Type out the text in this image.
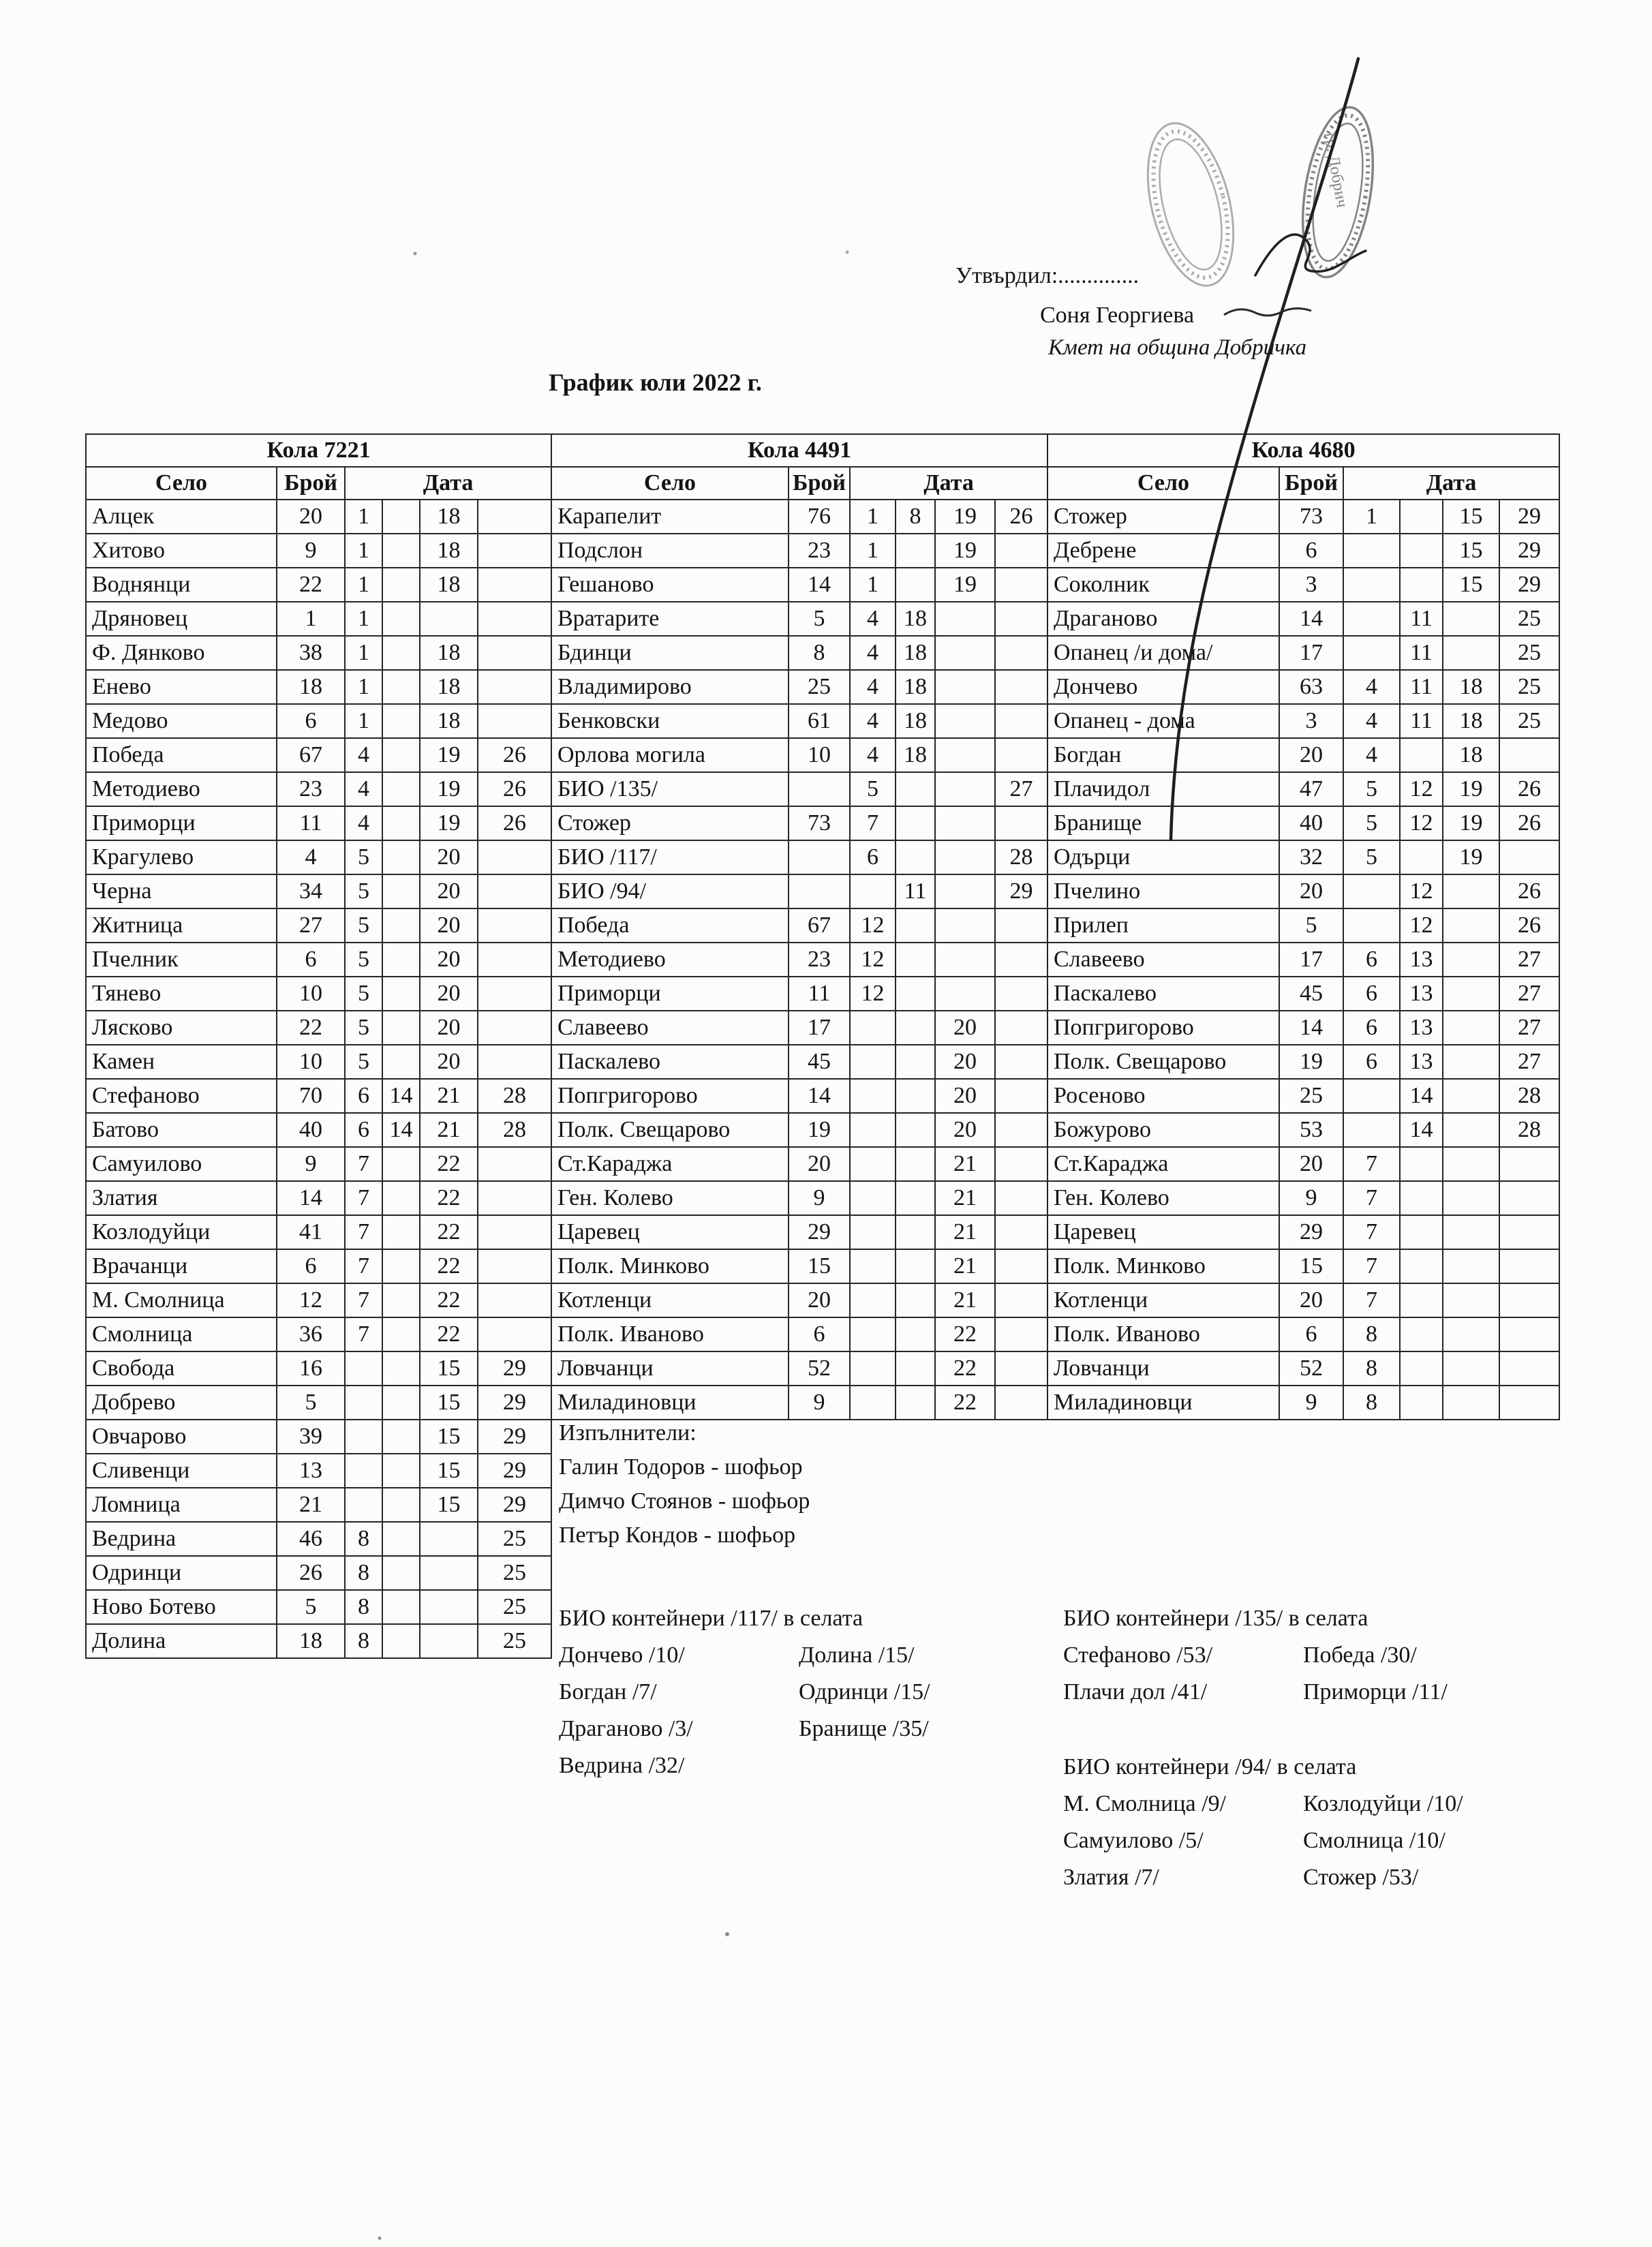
Утвърдил:..............
Соня Георгиева
Кмет на община Добричка
График юли 2022 г.
Кола 7221					
Село	Брой	Дата			
Алцек	20	1		18	
Хитово	9	1		18	
Воднянци	22	1		18	
Дряновец	1	1			
Ф. Дянково	38	1		18	
Енево	18	1		18	
Медово	6	1		18	
Победа	67	4		19	26
Методиево	23	4		19	26
Приморци	11	4		19	26
Крагулево	4	5		20	
Черна	34	5		20	
Житница	27	5		20	
Пчелник	6	5		20	
Тянево	10	5		20	
Лясково	22	5		20	
Камен	10	5		20	
Стефаново	70	6	14	21	28
Батово	40	6	14	21	28
Самуилово	9	7		22	
Златия	14	7		22	
Козлодуйци	41	7		22	
Врачанци	6	7		22	
М. Смолница	12	7		22	
Смолница	36	7		22	
Свобода	16			15	29
Добрево	5			15	29
Овчарово	39			15	29
Сливенци	13			15	29
Ломница	21			15	29
Ведрина	46	8			25
Одринци	26	8			25
Ново Ботево	5	8			25
Долина	18	8			25
Кола 4491					
Село	Брой	Дата			
Карапелит	76	1	8	19	26
Подслон	23	1		19	
Гешаново	14	1		19	
Вратарите	5	4	18		
Бдинци	8	4	18		
Владимирово	25	4	18		
Бенковски	61	4	18		
Орлова могила	10	4	18		
БИО /135/		5			27
Стожер	73	7			
БИО /117/		6			28
БИО /94/			11		29
Победа	67	12			
Методиево	23	12			
Приморци	11	12			
Славеево	17			20	
Паскалево	45			20	
Попгригорово	14			20	
Полк. Свещарово	19			20	
Ст.Караджа	20			21	
Ген. Колево	9			21	
Царевец	29			21	
Полк. Минково	15			21	
Котленци	20			21	
Полк. Иваново	6			22	
Ловчанци	52			22	
Миладиновци	9			22	
Кола 4680					
Село	Брой	Дата			
Стожер	73	1		15	29
Дебрене	6			15	29
Соколник	3			15	29
Драганово	14		11		25
Опанец /и дома/	17		11		25
Дончево	63	4	11	18	25
Опанец - дома	3	4	11	18	25
Богдан	20	4		18	
Плачидол	47	5	12	19	26
Бранище	40	5	12	19	26
Одърци	32	5		19	
Пчелино	20		12		26
Прилеп	5		12		26
Славеево	17	6	13		27
Паскалево	45	6	13		27
Попгригорово	14	6	13		27
Полк. Свещарово	19	6	13		27
Росеново	25		14		28
Божурово	53		14		28
Ст.Караджа	20	7			
Ген. Колево	9	7			
Царевец	29	7			
Полк. Минково	15	7			
Котленци	20	7			
Полк. Иваново	6	8			
Ловчанци	52	8			
Миладиновци	9	8			
Изпълнители:
Галин Тодоров - шофьор
Димчо Стоянов - шофьор
Петър Кондов - шофьор
БИО контейнери /117/ в селата
Дончево /10/	Долина /15/
Богдан /7/	Одринци /15/
Драганово /3/	Бранище /35/
Ведрина /32/
БИО контейнери /135/ в селата
Стефаново /53/	Победа /30/
Плачи дол /41/	Приморци /11/
БИО контейнери /94/ в селата
М. Смолница /9/	Козлодуйци /10/
Самуилово /5/	Смолница /10/
Златия /7/	Стожер /53/
гр. Добрич
